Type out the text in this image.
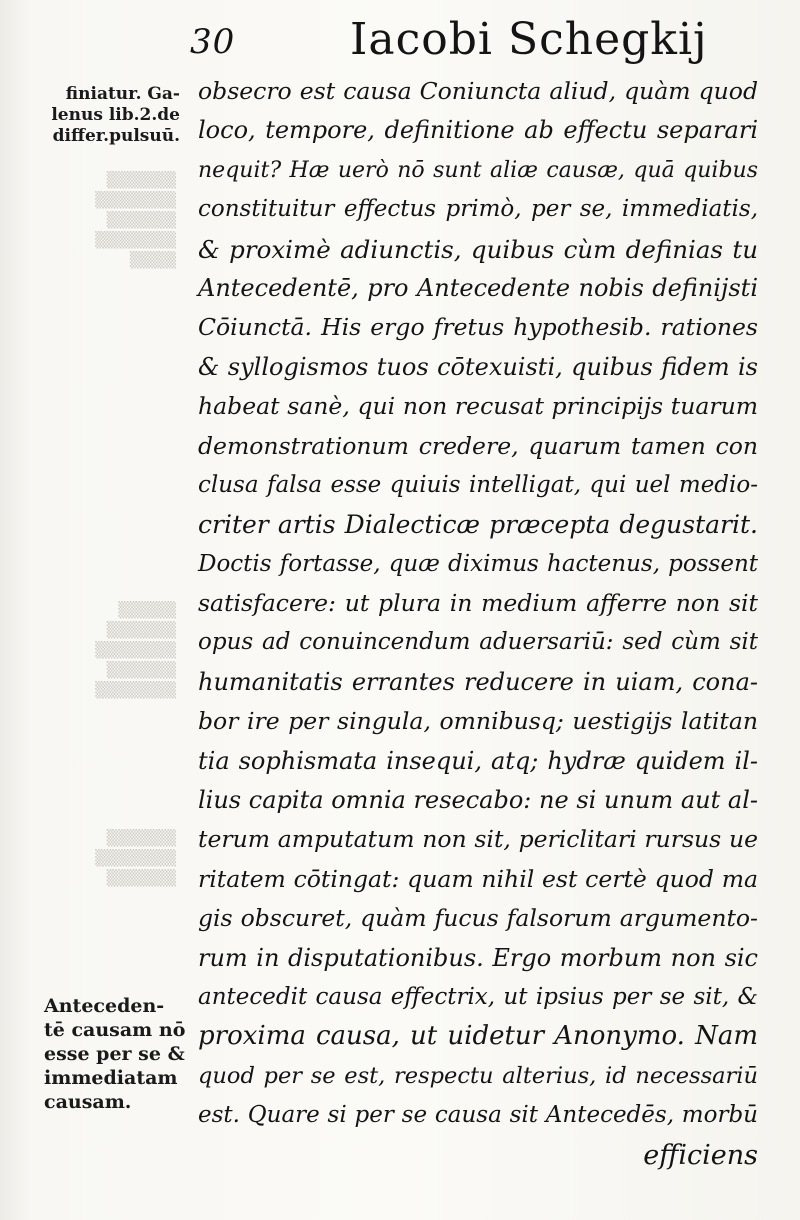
▒▒▒▒▒▒
▒▒▒▒▒▒▒
▒▒▒▒▒▒
▒▒▒▒▒▒▒
▒▒▒▒
▒▒▒▒▒
▒▒▒▒▒▒
▒▒▒▒▒▒▒
▒▒▒▒▒▒
▒▒▒▒▒▒▒
▒▒▒▒▒▒
▒▒▒▒▒▒▒
▒▒▒▒▒▒
30	Iacobi Schegkij
finiatur. Ga-
lenus lib.2.de
differ.pulsuū.
Anteceden-
tē causam nō
esse per se &
immediatam
causam.
obsecro est causa Coniuncta aliud, quàm quod
loco, tempore, definitione ab effectu separari
nequit? Hæ uerò nō sunt aliæ causæ, quā quibus
constituitur effectus primò, per se, immediatis,
& proximè adiunctis, quibus cùm definias tu
Antecedentē, pro Antecedente nobis definijsti
Cōiunctā. His ergo fretus hypothesib. rationes
& syllogismos tuos cōtexuisti, quibus fidem is
habeat sanè, qui non recusat principijs tuarum
demonstrationum credere, quarum tamen con
clusa falsa esse quiuis intelligat, qui uel medio-
criter artis Dialecticæ præcepta degustarit.
Doctis fortasse, quæ diximus hactenus, possent
satisfacere: ut plura in medium afferre non sit
opus ad conuincendum aduersariū: sed cùm sit
humanitatis errantes reducere in uiam, cona-
bor ire per singula, omnibusq; uestigijs latitan
tia sophismata insequi, atq; hydræ quidem il-
lius capita omnia resecabo: ne si unum aut al-
terum amputatum non sit, periclitari rursus ue
ritatem cōtingat: quam nihil est certè quod ma
gis obscuret, quàm fucus falsorum argumento-
rum in disputationibus. Ergo morbum non sic
antecedit causa effectrix, ut ipsius per se sit, &
proxima causa, ut uidetur Anonymo. Nam
quod per se est, respectu alterius, id necessariū
est. Quare si per se causa sit Antecedēs, morbū
efficiens
